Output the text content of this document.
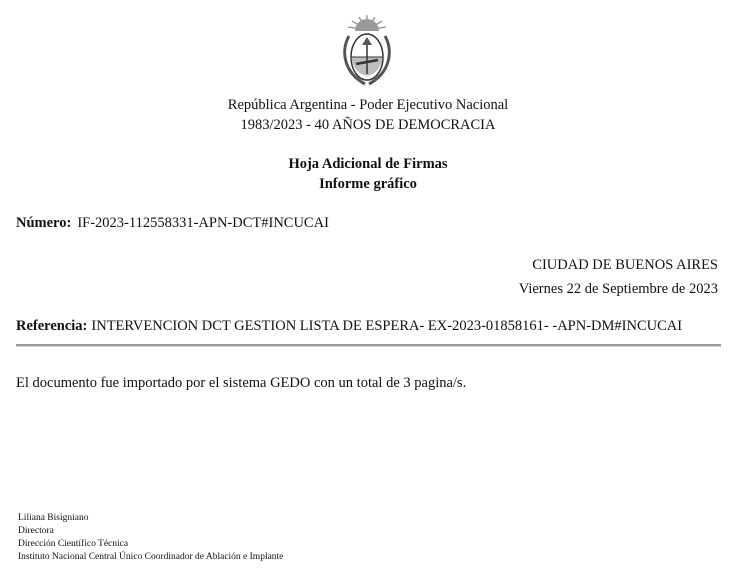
República Argentina - Poder Ejecutivo Nacional
1983/2023 - 40 AÑOS DE DEMOCRACIA
Hoja Adicional de Firmas
Informe gráfico
Número: IF-2023-112558331-APN-DCT#INCUCAI
CIUDAD DE BUENOS AIRES
Viernes 22 de Septiembre de 2023
Referencia: INTERVENCION DCT GESTION LISTA DE ESPERA- EX-2023-01858161- -APN-DM#INCUCAI
El documento fue importado por el sistema GEDO con un total de 3 pagina/s.
Liliana Bisigniano
Directora
Dirección Científico Técnica
Instituto Nacional Central Único Coordinador de Ablación e Implante
